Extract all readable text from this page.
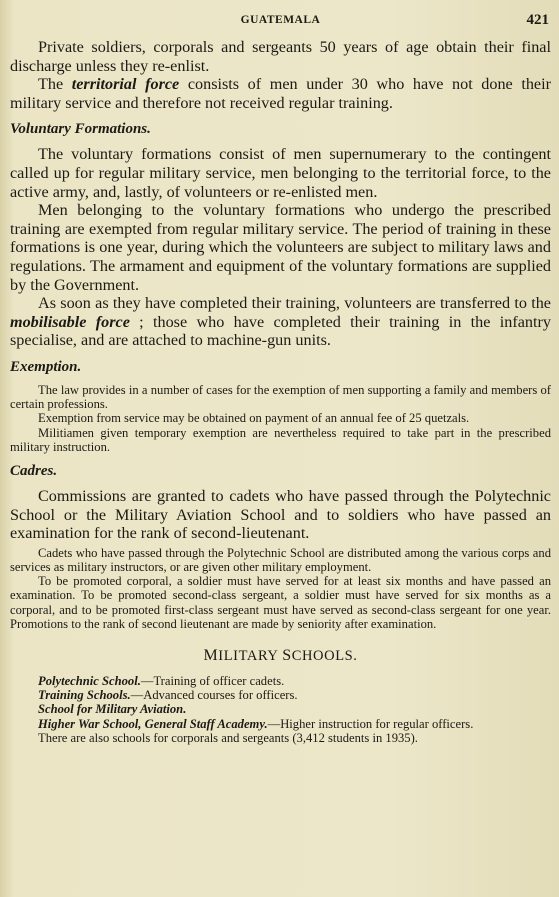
GUATEMALA	421

Private soldiers, corporals and sergeants 50 years of age obtain their final discharge unless they re-enlist.

The territorial force consists of men under 30 who have not done their military service and therefore not received regular training.

Voluntary Formations.

The voluntary formations consist of men supernumerary to the contingent called up for regular military service, men belonging to the territorial force, to the active army, and, lastly, of volunteers or re-enlisted men.

Men belonging to the voluntary formations who undergo the prescribed training are exempted from regular military service. The period of training in these formations is one year, during which the volunteers are subject to military laws and regulations. The armament and equipment of the voluntary formations are supplied by the Government.

As soon as they have completed their training, volunteers are transferred to the mobilisable force ; those who have completed their training in the infantry specialise, and are attached to machine-gun units.

Exemption.

The law provides in a number of cases for the exemption of men supporting a family and members of certain professions.

Exemption from service may be obtained on payment of an annual fee of 25 quetzals.

Militiamen given temporary exemption are nevertheless required to take part in the prescribed military instruction.

Cadres.

Commissions are granted to cadets who have passed through the Polytechnic School or the Military Aviation School and to soldiers who have passed an examination for the rank of second-lieutenant.

Cadets who have passed through the Polytechnic School are distributed among the various corps and services as military instructors, or are given other military employment.

To be promoted corporal, a soldier must have served for at least six months and have passed an examination. To be promoted second-class sergeant, a soldier must have served for six months as a corporal, and to be promoted first-class sergeant must have served as second-class sergeant for one year. Promotions to the rank of second lieutenant are made by seniority after examination.

MILITARY SCHOOLS.

Polytechnic School.—Training of officer cadets.

Training Schools.—Advanced courses for officers.

School for Military Aviation.

Higher War School, General Staff Academy.—Higher instruction for regular officers.

There are also schools for corporals and sergeants (3,412 students in 1935).
